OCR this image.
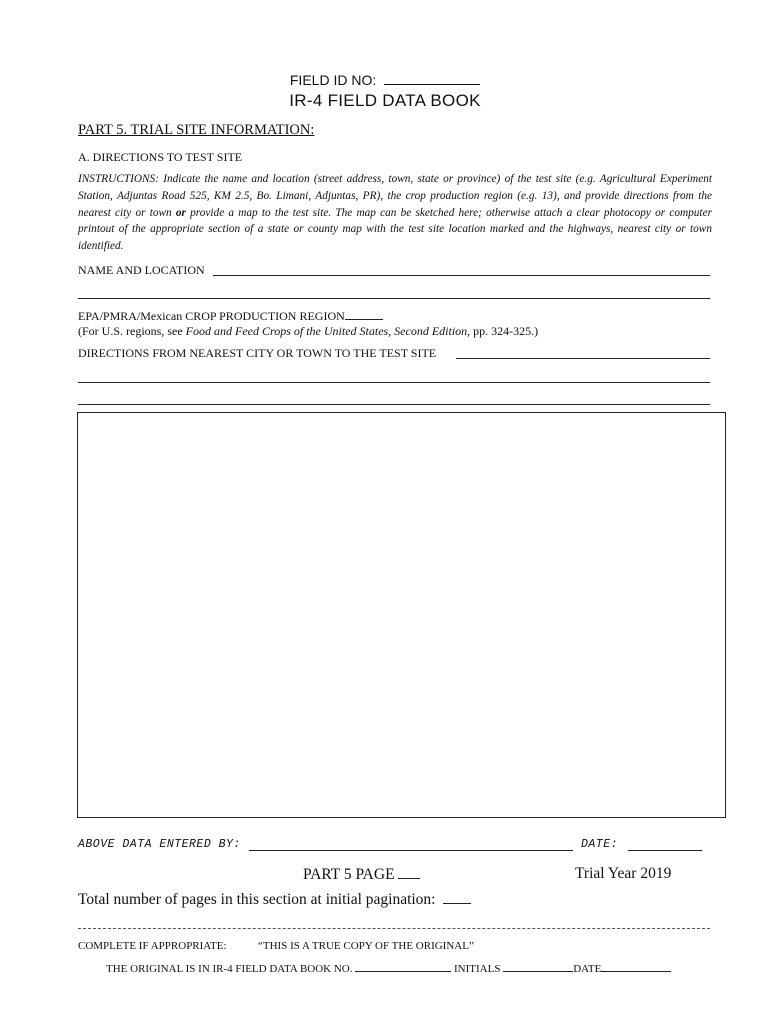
FIELD ID NO:
IR-4 FIELD DATA BOOK
PART 5. TRIAL SITE INFORMATION:
A. DIRECTIONS TO TEST SITE
INSTRUCTIONS: Indicate the name and location (street address, town, state or province) of the test site (e.g. Agricultural Experiment Station, Adjuntas Road 525, KM 2.5, Bo. Limani, Adjuntas, PR), the crop production region (e.g. 13), and provide directions from the nearest city or town or provide a map to the test site. The map can be sketched here; otherwise attach a clear photocopy or computer printout of the appropriate section of a state or county map with the test site location marked and the highways, nearest city or town identified.
NAME AND LOCATION
EPA/PMRA/Mexican CROP PRODUCTION REGION
(For U.S. regions, see Food and Feed Crops of the United States, Second Edition, pp. 324-325.)
DIRECTIONS FROM NEAREST CITY OR TOWN TO THE TEST SITE
ABOVE DATA ENTERED BY:	DATE:
PART 5 PAGE	Trial Year 2019
Total number of pages in this section at initial pagination:
COMPLETE IF APPROPRIATE:	“THIS IS A TRUE COPY OF THE ORIGINAL”
THE ORIGINAL IS IN IR-4 FIELD DATA BOOK NO.	INITIALS	DATE
